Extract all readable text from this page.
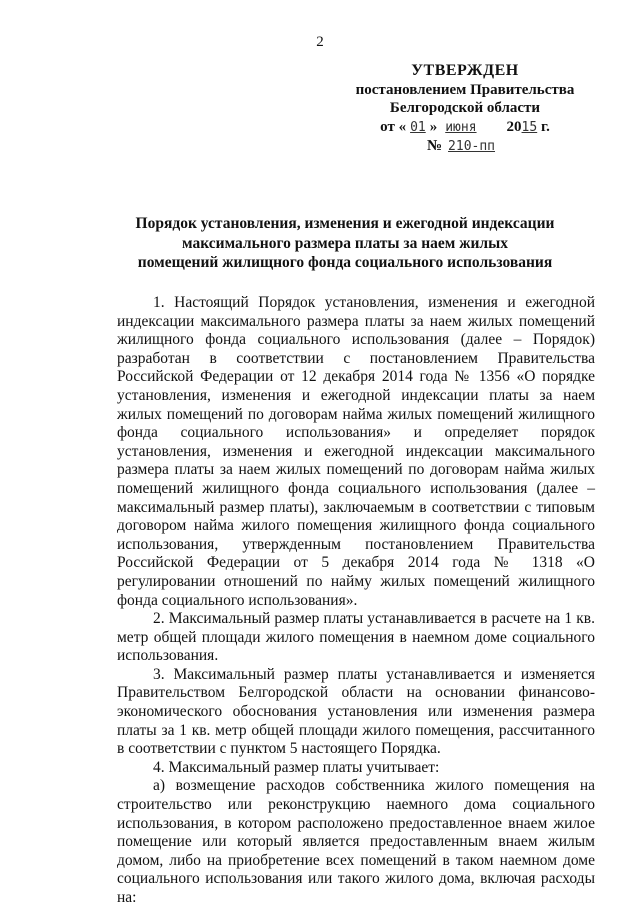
2
УТВЕРЖДЕН
постановлением Правительства
Белгородской области
от « 01 » июня 2015 г.
№ 210-пп
Порядок установления, изменения и ежегодной индексации
максимального размера платы за наем жилых
помещений жилищного фонда социального использования

1. Настоящий Порядок установления, изменения и ежегодной индексации максимального размера платы за наем жилых помещений жилищного фонда социального использования (далее – Порядок) разработан в соответствии с постановлением Правительства Российской Федерации от 12 декабря 2014 года № 1356 «О порядке установления, изменения и ежегодной индексации платы за наем жилых помещений по договорам найма жилых помещений жилищного фонда социального использования» и определяет порядок установления, изменения и ежегодной индексации максимального размера платы за наем жилых помещений по договорам найма жилых помещений жилищного фонда социального использования (далее – максимальный размер платы), заключаемым в соответствии с типовым договором найма жилого помещения жилищного фонда социального использования, утвержденным постановлением Правительства Российской Федерации от 5 декабря 2014 года № 1318 «О регулировании отношений по найму жилых помещений жилищного фонда социального использования».

2. Максимальный размер платы устанавливается в расчете на 1 кв. метр общей площади жилого помещения в наемном доме социального использования.

3. Максимальный размер платы устанавливается и изменяется Правительством Белгородской области на основании финансово-экономического обоснования установления или изменения размера платы за 1 кв. метр общей площади жилого помещения, рассчитанного в соответствии с пунктом 5 настоящего Порядка.

4. Максимальный размер платы учитывает:

а) возмещение расходов собственника жилого помещения на строительство или реконструкцию наемного дома социального использования, в котором расположено предоставленное внаем жилое помещение или который является предоставленным внаем жилым домом, либо на приобретение всех помещений в таком наемном доме социального использования или такого жилого дома, включая расходы на:
